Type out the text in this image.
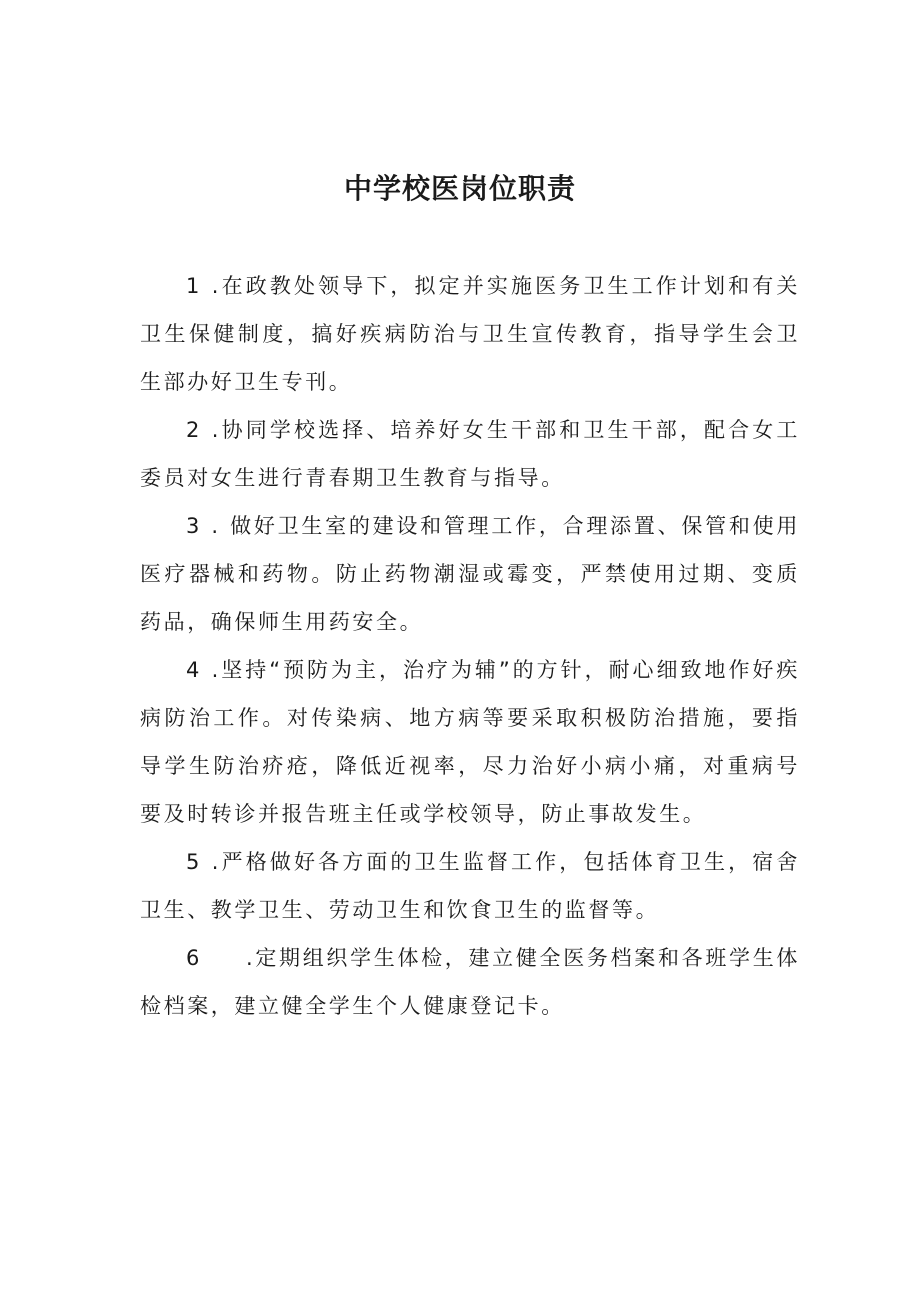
中学校医岗位职责

1 .在政教处领导下，拟定并实施医务卫生工作计划和有关卫生保健制度，搞好疾病防治与卫生宣传教育，指导学生会卫生部办好卫生专刊。

2 .协同学校选择、培养好女生干部和卫生干部，配合女工委员对女生进行青春期卫生教育与指导。

3 . 做好卫生室的建设和管理工作，合理添置、保管和使用医疗器械和药物。防止药物潮湿或霉变，严禁使用过期、变质药品，确保师生用药安全。

4 .坚持“预防为主，治疗为辅”的方针，耐心细致地作好疾病防治工作。对传染病、地方病等要采取积极防治措施，要指导学生防治疥疮，降低近视率，尽力治好小病小痛，对重病号要及时转诊并报告班主任或学校领导，防止事故发生。

5 .严格做好各方面的卫生监督工作，包括体育卫生，宿舍卫生、教学卫生、劳动卫生和饮食卫生的监督等。

6 .定期组织学生体检，建立健全医务档案和各班学生体检档案，建立健全学生个人健康登记卡。
